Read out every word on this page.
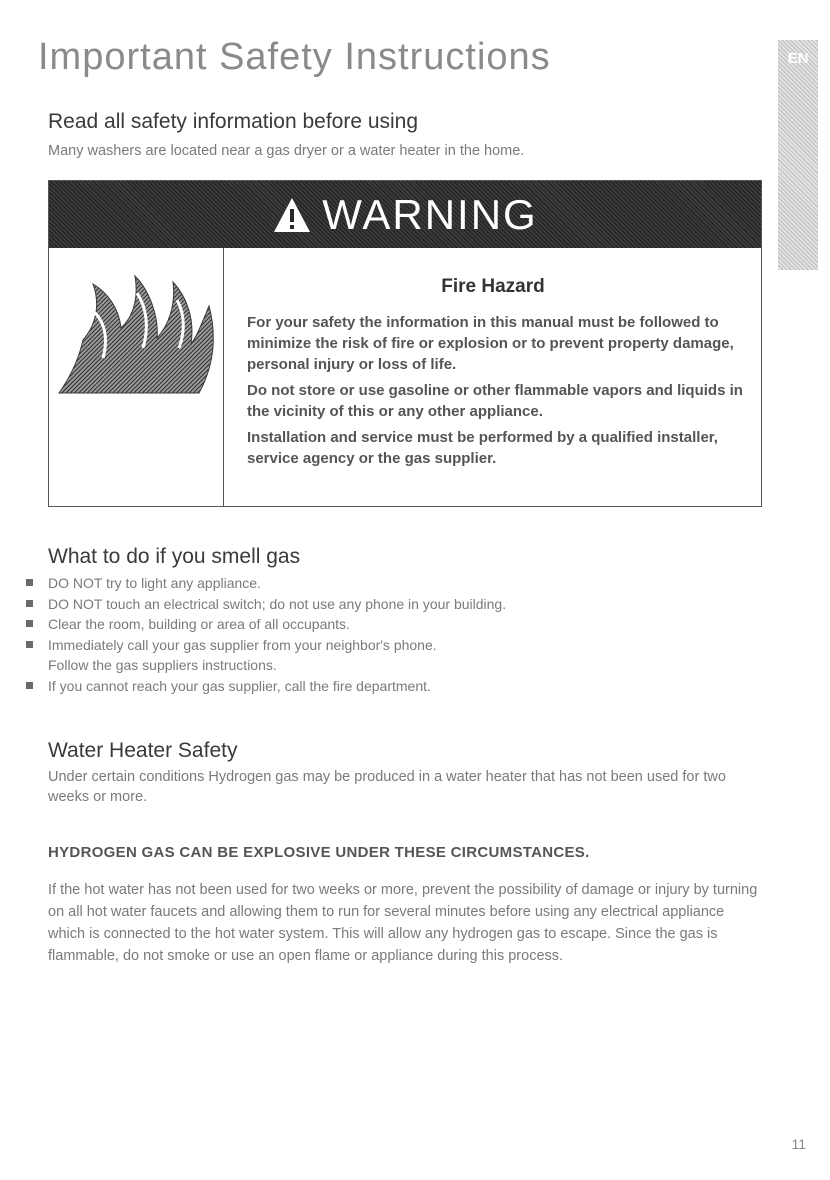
Important Safety Instructions	EN
Read all safety information before using
Many washers are located near a gas dryer or a water heater in the home.
WARNING
Fire Hazard
For your safety the information in this manual must be followed to minimize the risk of fire or explosion or to prevent property damage, personal injury or loss of life.
Do not store or use gasoline or other flammable vapors and liquids in the vicinity of this or any other appliance.
Installation and service must be performed by a qualified installer, service agency or the gas supplier.
What to do if you smell gas
DO NOT try to light any appliance.
DO NOT touch an electrical switch; do not use any phone in your building.
Clear the room, building or area of all occupants.
Immediately call your gas supplier from your neighbor's phone.
Follow the gas suppliers instructions.
If you cannot reach your gas supplier, call the fire department.
Water Heater Safety
Under certain conditions Hydrogen gas may be produced in a water heater that has not been used for two weeks or more.
HYDROGEN GAS CAN BE EXPLOSIVE UNDER THESE CIRCUMSTANCES.
If the hot water has not been used for two weeks or more, prevent the possibility of damage or injury by turning on all hot water faucets and allowing them to run for several minutes before using any electrical appliance which is connected to the hot water system. This will allow any hydrogen gas to escape. Since the gas is flammable, do not smoke or use an open flame or appliance during this process.
11
